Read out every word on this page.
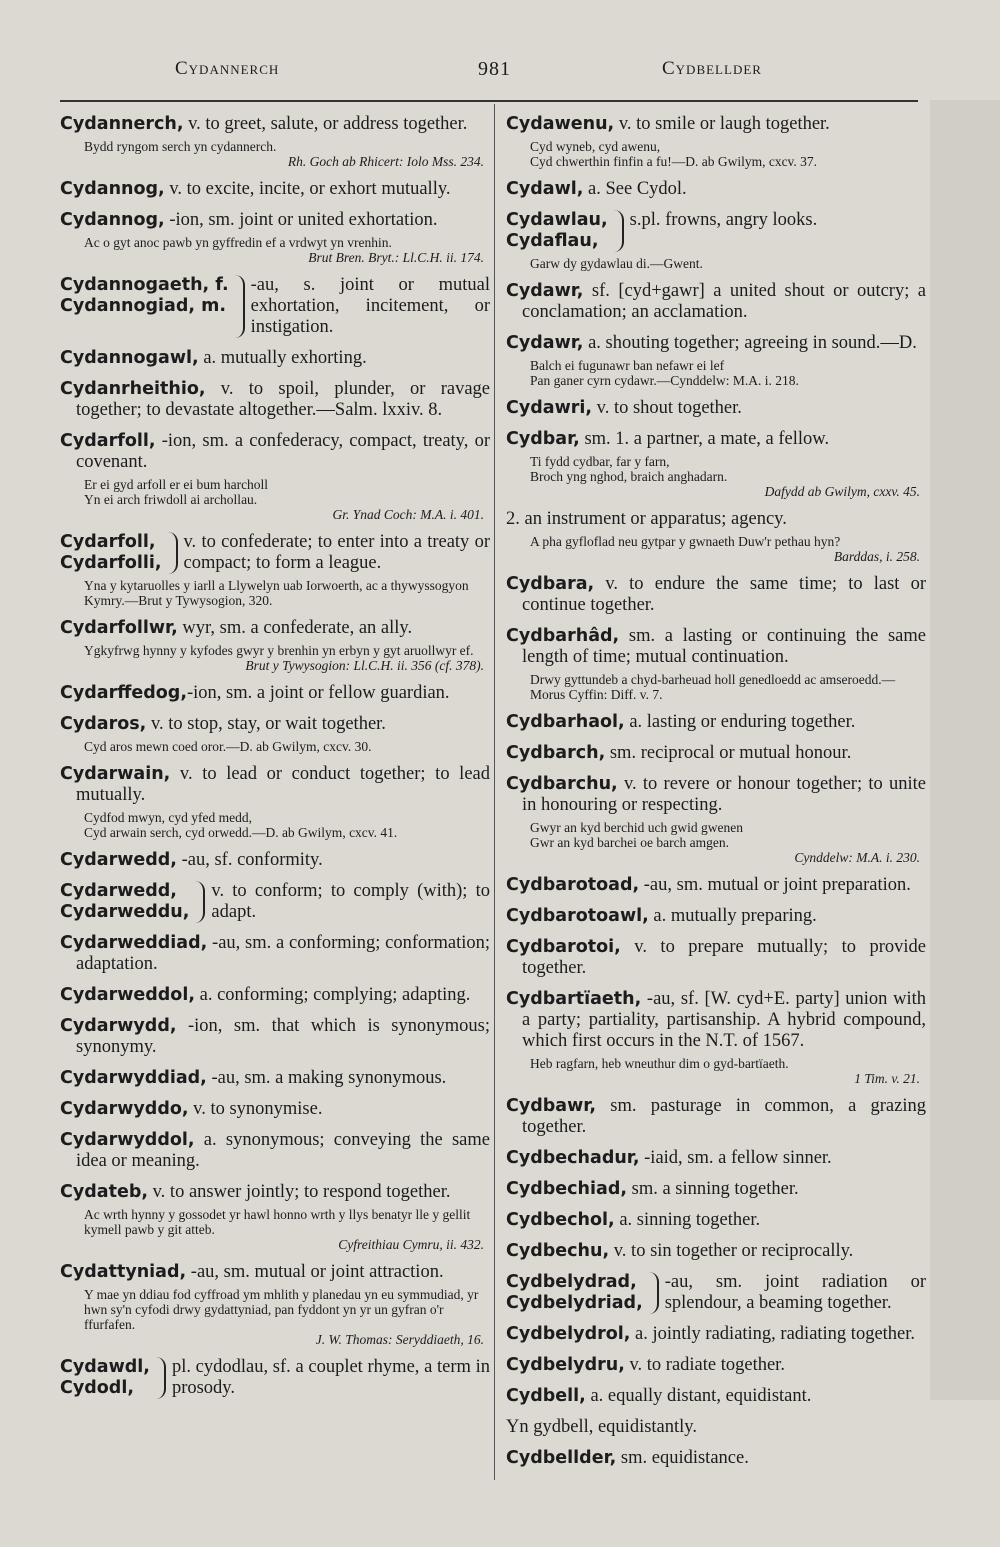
Cydannerch	981	Cydbellder
Cydannerch, v. to greet, salute, or address together.
Bydd ryngom serch yn cydannerch.
Rh. Goch ab Rhicert: Iolo Mss. 234.
Cydannog, v. to excite, incite, or exhort mutually.
Cydannog, -ion, sm. joint or united exhortation.
Ac o gyt anoc pawb yn gyffredin ef a vrdwyt yn vrenhin.
Brut Bren. Bryt.: Ll.C.H. ii. 174.
Cydannogaeth, f.
Cydannogiad, m.
-au, s. joint or mutual exhortation, incitement, or instigation.
Cydannogawl, a. mutually exhorting.
Cydanrheithio, v. to spoil, plunder, or ravage together; to devastate altogether.—Salm. lxxiv. 8.
Cydarfoll, -ion, sm. a confederacy, compact, treaty, or covenant.
Er ei gyd arfoll er ei bum harcholl
Yn ei arch friwdoll ai archollau.
Gr. Ynad Coch: M.A. i. 401.
Cydarfoll,
Cydarfolli,
v. to confederate; to enter into a treaty or compact; to form a league.
Yna y kytaruolles y iarll a Llywelyn uab Iorwoerth, ac a thywyssogyon Kymry.—Brut y Tywysogion, 320.
Cydarfollwr, wyr, sm. a confederate, an ally.
Ygkyfrwg hynny y kyfodes gwyr y brenhin yn erbyn y gyt aruollwyr ef.
Brut y Tywysogion: Ll.C.H. ii. 356 (cf. 378).
Cydarffedog,-ion, sm. a joint or fellow guardian.
Cydaros, v. to stop, stay, or wait together.
Cyd aros mewn coed oror.—D. ab Gwilym, cxcv. 30.
Cydarwain, v. to lead or conduct together; to lead mutually.
Cydfod mwyn, cyd yfed medd,
Cyd arwain serch, cyd orwedd.—D. ab Gwilym, cxcv. 41.
Cydarwedd, -au, sf. conformity.
Cydarwedd,
Cydarweddu,
v. to conform; to comply (with); to adapt.
Cydarweddiad, -au, sm. a conforming; conformation; adaptation.
Cydarweddol, a. conforming; complying; adapting.
Cydarwydd, -ion, sm. that which is synonymous; synonymy.
Cydarwyddiad, -au, sm. a making synonymous.
Cydarwyddo, v. to synonymise.
Cydarwyddol, a. synonymous; conveying the same idea or meaning.
Cydateb, v. to answer jointly; to respond together.
Ac wrth hynny y gossodet yr hawl honno wrth y llys benatyr lle y gellit kymell pawb y git atteb.
Cyfreithiau Cymru, ii. 432.
Cydattyniad, -au, sm. mutual or joint attraction.
Y mae yn ddiau fod cyffroad ym mhlith y planedau yn eu symmudiad, yr hwn sy'n cyfodi drwy gydattyniad, pan fyddont yn yr un gyfran o'r ffurfafen.
J. W. Thomas: Seryddiaeth, 16.
Cydawdl,
Cydodl,
pl. cydodlau, sf. a couplet rhyme, a term in prosody.
Cydawenu, v. to smile or laugh together.
Cyd wyneb, cyd awenu,
Cyd chwerthin finfin a fu!—D. ab Gwilym, cxcv. 37.
Cydawl, a. See Cydol.
Cydawlau,
Cydaflau,
s.pl. frowns, angry looks.
Garw dy gydawlau di.—Gwent.
Cydawr, sf. [cyd+gawr] a united shout or outcry; a conclamation; an acclamation.
Cydawr, a. shouting together; agreeing in sound.—D.
Balch ei fugunawr ban nefawr ei lef
Pan ganer cyrn cydawr.—Cynddelw: M.A. i. 218.
Cydawri, v. to shout together.
Cydbar, sm. 1. a partner, a mate, a fellow.
Ti fydd cydbar, far y farn,
Broch yng nghod, braich anghadarn.
Dafydd ab Gwilym, cxxv. 45.
2. an instrument or apparatus; agency.
A pha gyfloflad neu gytpar y gwnaeth Duw'r pethau hyn?
Barddas, i. 258.
Cydbara, v. to endure the same time; to last or continue together.
Cydbarhâd, sm. a lasting or continuing the same length of time; mutual continuation.
Drwy gyttundeb a chyd-barheuad holl genedloedd ac amseroedd.—Morus Cyffin: Diff. v. 7.
Cydbarhaol, a. lasting or enduring together.
Cydbarch, sm. reciprocal or mutual honour.
Cydbarchu, v. to revere or honour together; to unite in honouring or respecting.
Gwyr an kyd berchid uch gwid gwenen
Gwr an kyd barchei oe barch amgen.
Cynddelw: M.A. i. 230.
Cydbarotoad, -au, sm. mutual or joint preparation.
Cydbarotoawl, a. mutually preparing.
Cydbarotoi, v. to prepare mutually; to provide together.
Cydbartïaeth, -au, sf. [W. cyd+E. party] union with a party; partiality, partisanship. A hybrid compound, which first occurs in the N.T. of 1567.
Heb ragfarn, heb wneuthur dim o gyd-bartïaeth.
1 Tim. v. 21.
Cydbawr, sm. pasturage in common, a grazing together.
Cydbechadur, -iaid, sm. a fellow sinner.
Cydbechiad, sm. a sinning together.
Cydbechol, a. sinning together.
Cydbechu, v. to sin together or reciprocally.
Cydbelydrad,
Cydbelydriad,
-au, sm. joint radiation or splendour, a beaming together.
Cydbelydrol, a. jointly radiating, radiating together.
Cydbelydru, v. to radiate together.
Cydbell, a. equally distant, equidistant.
Yn gydbell, equidistantly.
Cydbellder, sm. equidistance.
